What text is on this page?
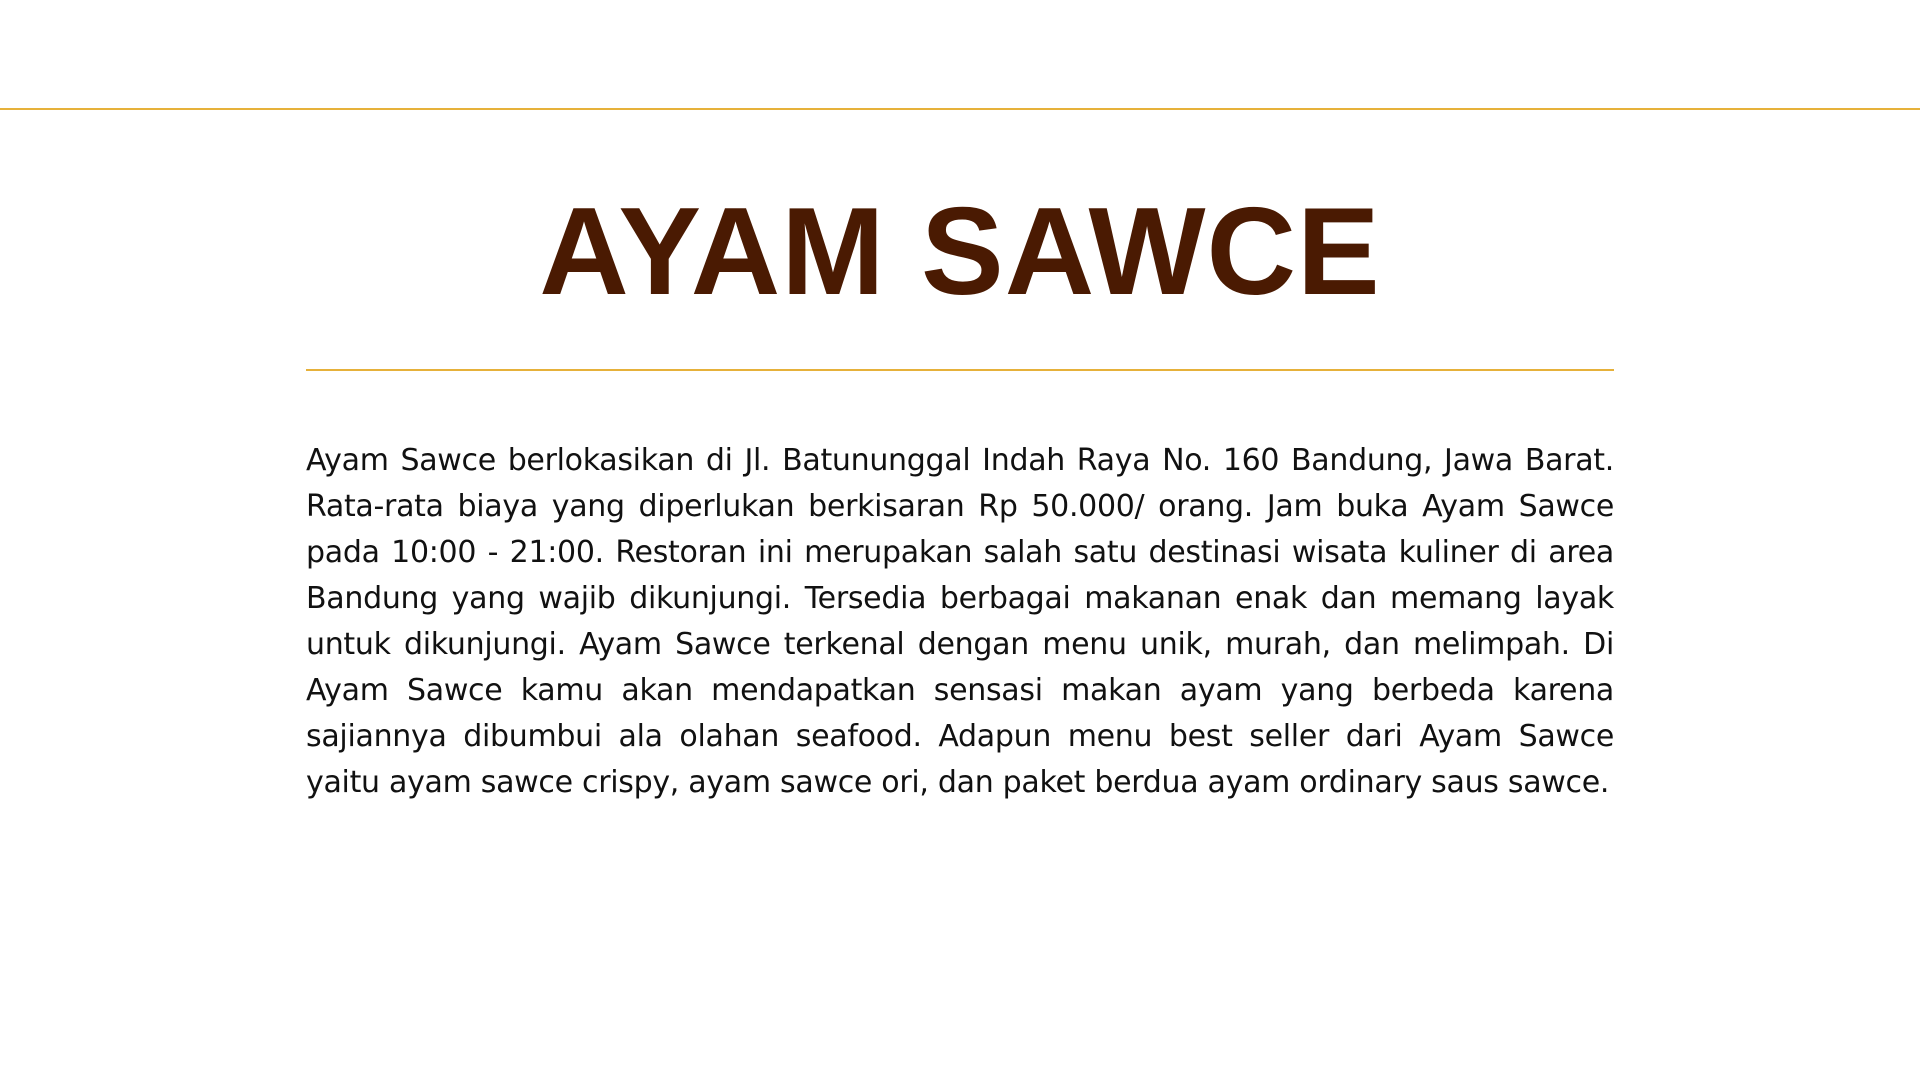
AYAM SAWCE

Ayam Sawce berlokasikan di Jl. Batununggal Indah Raya No. 160 Bandung, Jawa Barat. Rata-rata biaya yang diperlukan berkisaran Rp 50.000/ orang. Jam buka Ayam Sawce pada 10:00 - 21:00. Restoran ini merupakan salah satu destinasi wisata kuliner di area Bandung yang wajib dikunjungi. Tersedia berbagai makanan enak dan memang layak untuk dikunjungi. Ayam Sawce terkenal dengan menu unik, murah, dan melimpah. Di Ayam Sawce kamu akan mendapatkan sensasi makan ayam yang berbeda karena sajiannya dibumbui ala olahan seafood. Adapun menu best seller dari Ayam Sawce yaitu ayam sawce crispy, ayam sawce ori, dan paket berdua ayam ordinary saus sawce.
